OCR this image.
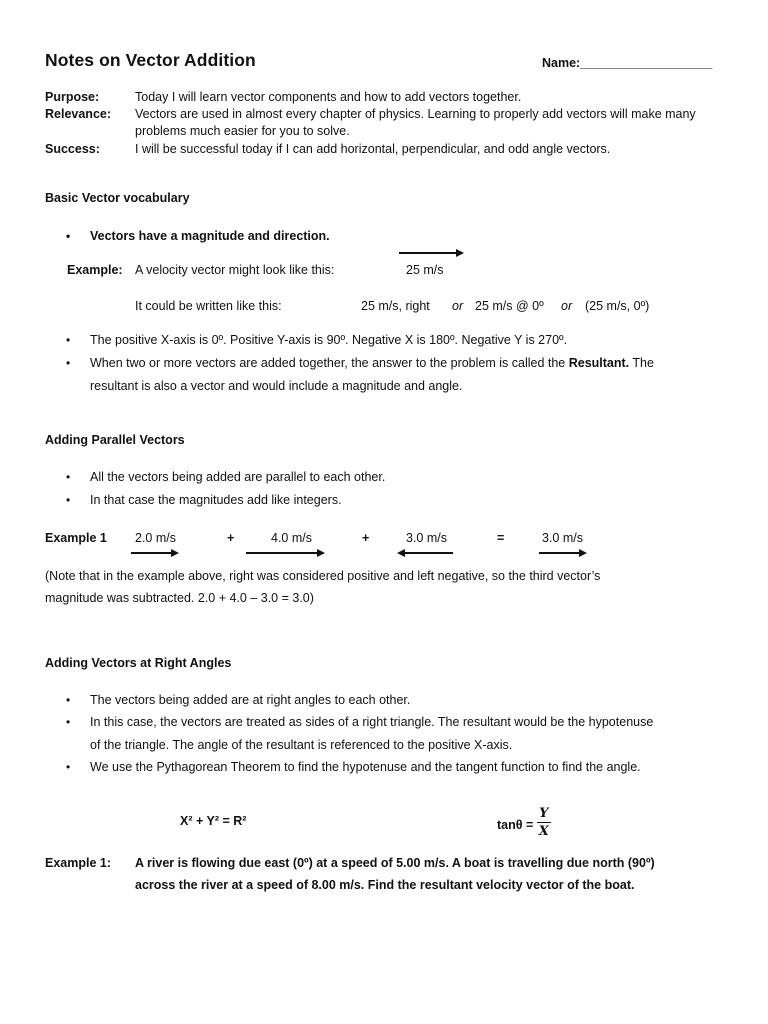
Notes on Vector Addition	Name:___________________
Purpose:	Today I will learn vector components and how to add vectors together.
Relevance: Vectors are used in almost every chapter of physics. Learning to properly add vectors will make many
problems much easier for you to solve.
Success:	I will be successful today if I can add horizontal, perpendicular, and odd angle vectors.
Basic Vector vocabulary
• Vectors have a magnitude and direction.
Example: A velocity vector might look like this:	25 m/s
It could be written like this:	25 m/s, right or 25 m/s @ 0º or (25 m/s, 0º)
• The positive X-axis is 0º. Positive Y-axis is 90º. Negative X is 180º. Negative Y is 270º.
• When two or more vectors are added together, the answer to the problem is called the Resultant. The
resultant is also a vector and would include a magnitude and angle.
Adding Parallel Vectors
• All the vectors being added are parallel to each other.
• In that case the magnitudes add like integers.
Example 1 2.0 m/s	+	4.0 m/s	+	3.0 m/s	=	3.0 m/s
(Note that in the example above, right was considered positive and left negative, so the third vector’s
magnitude was subtracted. 2.0 + 4.0 – 3.0 = 3.0)
Adding Vectors at Right Angles
• The vectors being added are at right angles to each other.
• In this case, the vectors are treated as sides of a right triangle. The resultant would be the hypotenuse
of the triangle. The angle of the resultant is referenced to the positive X-axis.
• We use the Pythagorean Theorem to find the hypotenuse and the tangent function to find the angle.
X² + Y² = R²	$\tan\theta = \frac{Y}{X}$
Example 1: A river is flowing due east (0º) at a speed of 5.00 m/s. A boat is travelling due north (90º)
across the river at a speed of 8.00 m/s. Find the resultant velocity vector of the boat.
